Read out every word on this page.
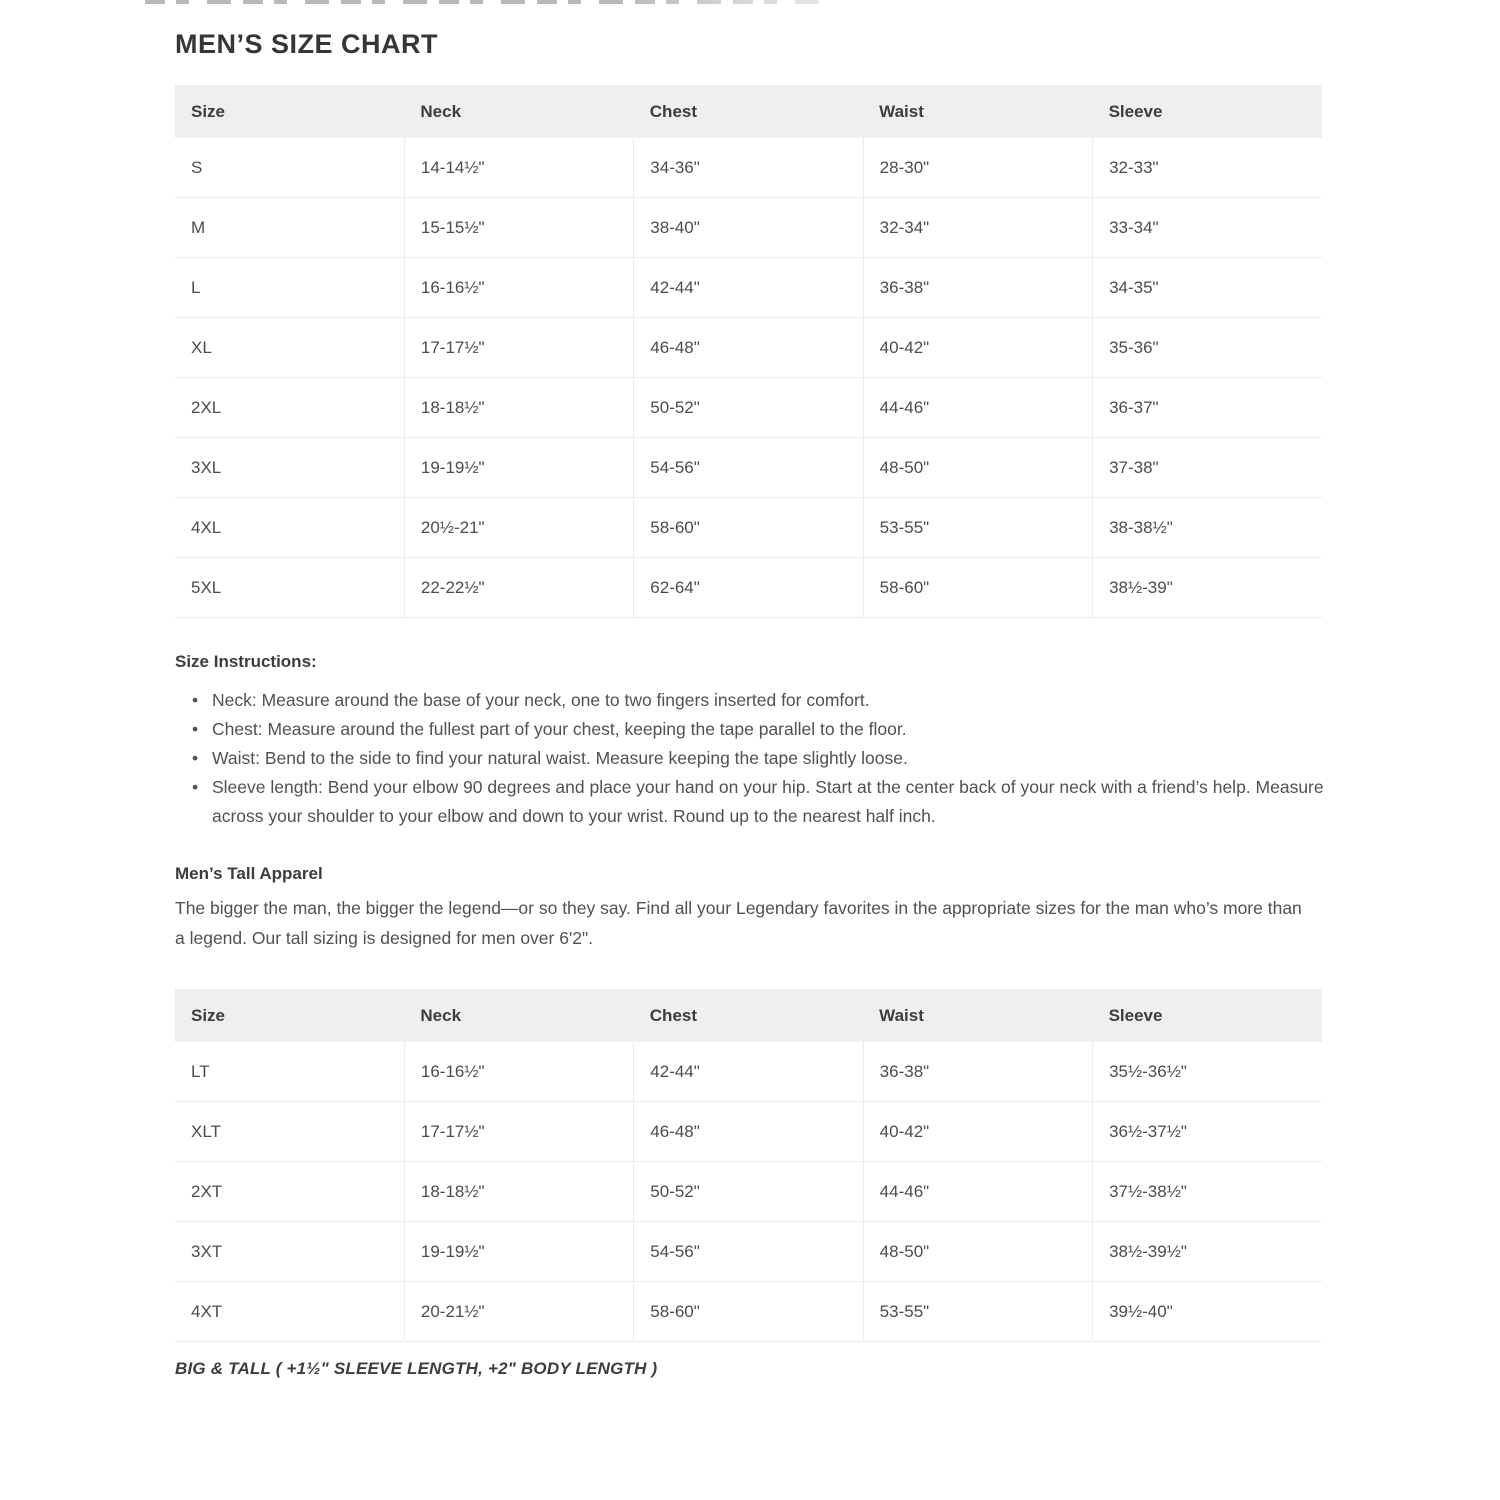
MEN’S SIZE CHART
Size	Neck	Chest	Waist	Sleeve
S	14-14½"	34-36"	28-30"	32-33"
M	15-15½"	38-40"	32-34"	33-34"
L	16-16½"	42-44"	36-38"	34-35"
XL	17-17½"	46-48"	40-42"	35-36"
2XL	18-18½"	50-52"	44-46"	36-37"
3XL	19-19½"	54-56"	48-50"	37-38"
4XL	20½-21"	58-60"	53-55"	38-38½"
5XL	22-22½"	62-64"	58-60"	38½-39"
Size Instructions:
• Neck: Measure around the base of your neck, one to two fingers inserted for comfort.
• Chest: Measure around the fullest part of your chest, keeping the tape parallel to the floor.
• Waist: Bend to the side to find your natural waist. Measure keeping the tape slightly loose.
• Sleeve length: Bend your elbow 90 degrees and place your hand on your hip. Start at the center back of your neck with a friend’s help. Measure across your shoulder to your elbow and down to your wrist. Round up to the nearest half inch.
Men’s Tall Apparel

The bigger the man, the bigger the legend—or so they say. Find all your Legendary favorites in the appropriate sizes for the man who’s more than a legend. Our tall sizing is designed for men over 6'2".

Size	Neck	Chest	Waist	Sleeve
LT	16-16½"	42-44"	36-38"	35½-36½"
XLT	17-17½"	46-48"	40-42"	36½-37½"
2XT	18-18½"	50-52"	44-46"	37½-38½"
3XT	19-19½"	54-56"	48-50"	38½-39½"
4XT	20-21½"	58-60"	53-55"	39½-40"

BIG & TALL ( +1½" SLEEVE LENGTH, +2" BODY LENGTH )
